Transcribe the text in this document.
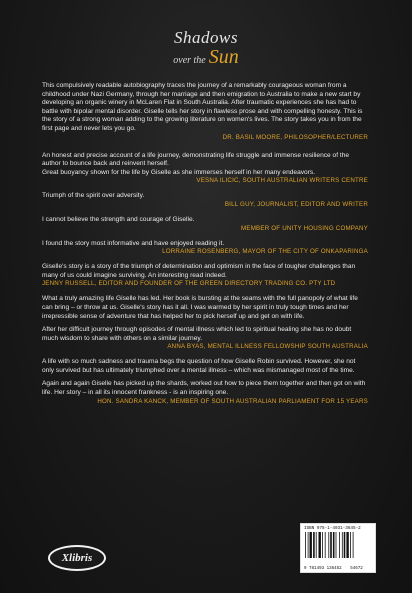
Shadows
over the Sun

This compulsively readable autobiography traces the journey of a remarkably courageous woman from a childhood under Nazi Germany, through her marriage and then emigration to Australia to make a new start by developing an organic winery in McLaren Flat in South Australia. After traumatic experiences she has had to battle with bipolar mental disorder. Giselle tells her story in flawless prose and with compelling honesty. This is the story of a strong woman adding to the growing literature on women's lives. The story takes you in from the first page and never lets you go.

DR. BASIL MOORE, PHILOSOPHER/LECTURER

An honest and precise account of a life journey, demonstrating life struggle and immense resilience of the author to bounce back and reinvent herself.

Great buoyancy shown for the life by Giselle as she immerses herself in her many endeavors.

VESNA ILICIC, SOUTH AUSTRALIAN WRITERS CENTRE

Triumph of the spirit over adversity.

BILL GUY, JOURNALIST, EDITOR AND WRITER

I cannot believe the strength and courage of Giselle.

MEMBER OF UNITY HOUSING COMPANY

I found the story most informative and have enjoyed reading it.

LORRAINE ROSENBERG, MAYOR OF THE CITY OF ONKAPARINGA

Giselle's story is a story of the triumph of determination and optimism in the face of tougher challenges than many of us could imagine surviving. An interesting read indeed.

JENNY RUSSELL, EDITOR AND FOUNDER OF THE GREEN DIRECTORY TRADING CO. PTY LTD

What a truly amazing life Giselle has led. Her book is bursting at the seams with the full panopoly of what life can bring – or throw at us. Giselle's story has it all. I was warmed by her spirit in truly tough times and her irrepressible sense of adventure that has helped her to pick herself up and get on with life.

After her difficult journey through episodes of mental illness which led to spiritual healing she has no doubt much wisdom to share with others on a similar journey.

ANNA BYAS, MENTAL ILLNESS FELLOWSHIP SOUTH AUSTRALIA

A life with so much sadness and trauma begs the question of how Giselle Robin survived. However, she not only survived but has ultimately triumphed over a mental illness – which was mismanaged most of the time.

Again and again Giselle has picked up the shards, worked out how to piece them together and then got on with life. Her story – in all its innocent frankness - is an inspiring one.

HON. SANDRA KANCK, MEMBER OF SOUTH AUSTRALIAN PARLIAMENT FOR 15 YEARS
Xlibris
ISBN 978-1-4931-3645-2
9 781493 136452 54672
